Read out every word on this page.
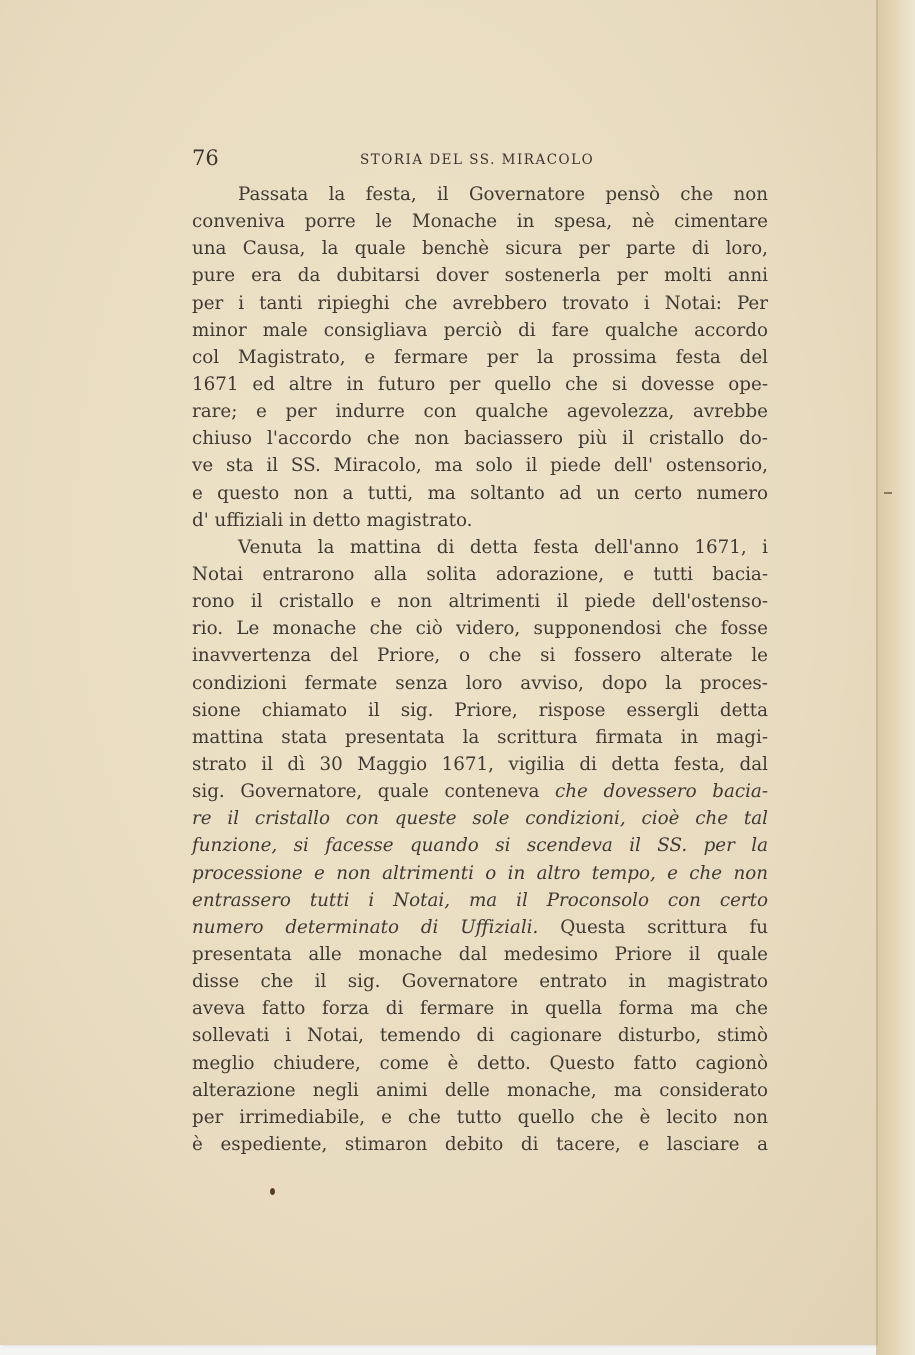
76	STORIA DEL SS. MIRACOLO
Passata la festa, il Governatore pensò che non
conveniva porre le Monache in spesa, nè cimentare
una Causa, la quale benchè sicura per parte di loro,
pure era da dubitarsi dover sostenerla per molti anni
per i tanti ripieghi che avrebbero trovato i Notai: Per
minor male consigliava perciò di fare qualche accordo
col Magistrato, e fermare per la prossima festa del
1671 ed altre in futuro per quello che si dovesse ope-
rare; e per indurre con qualche agevolezza, avrebbe
chiuso l'accordo che non baciassero più il cristallo do-
ve sta il SS. Miracolo, ma solo il piede dell' ostensorio,
e questo non a tutti, ma soltanto ad un certo numero
d' uffiziali in detto magistrato.
Venuta la mattina di detta festa dell'anno 1671, i
Notai entrarono alla solita adorazione, e tutti bacia-
rono il cristallo e non altrimenti il piede dell'ostenso-
rio. Le monache che ciò videro, supponendosi che fosse
inavvertenza del Priore, o che si fossero alterate le
condizioni fermate senza loro avviso, dopo la proces-
sione chiamato il sig. Priore, rispose essergli detta
mattina stata presentata la scrittura firmata in magi-
strato il dì 30 Maggio 1671, vigilia di detta festa, dal
sig. Governatore, quale conteneva che dovessero bacia-
re il cristallo con queste sole condizioni, cioè che tal
funzione, si facesse quando si scendeva il SS. per la
processione e non altrimenti o in altro tempo, e che non
entrassero tutti i Notai, ma il Proconsolo con certo
numero determinato di Uffiziali. Questa scrittura fu
presentata alle monache dal medesimo Priore il quale
disse che il sig. Governatore entrato in magistrato
aveva fatto forza di fermare in quella forma ma che
sollevati i Notai, temendo di cagionare disturbo, stimò
meglio chiudere, come è detto. Questo fatto cagionò
alterazione negli animi delle monache, ma considerato
per irrimediabile, e che tutto quello che è lecito non
è espediente, stimaron debito di tacere, e lasciare a
